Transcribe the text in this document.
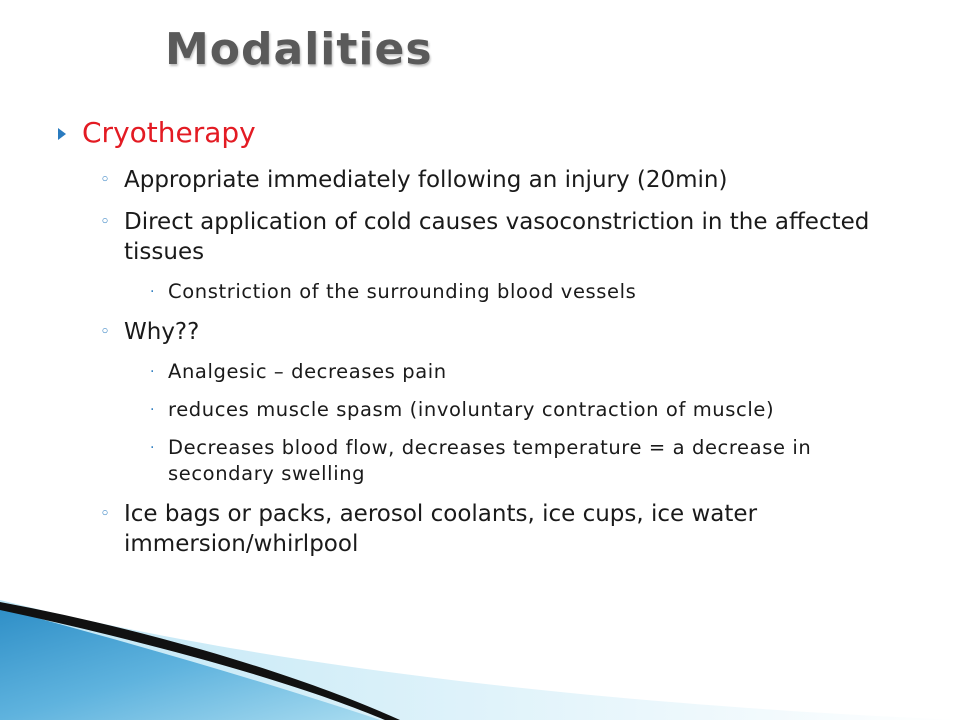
Modalities
Cryotherapy
◦ Appropriate immediately following an injury (20min)
◦ Direct application of cold causes vasoconstriction in the affected tissues
· Constriction of the surrounding blood vessels
◦ Why??
· Analgesic – decreases pain
· reduces muscle spasm (involuntary contraction of muscle)
· Decreases blood flow, decreases temperature = a decrease in secondary swelling
◦ Ice bags or packs, aerosol coolants, ice cups, ice water immersion/whirlpool
